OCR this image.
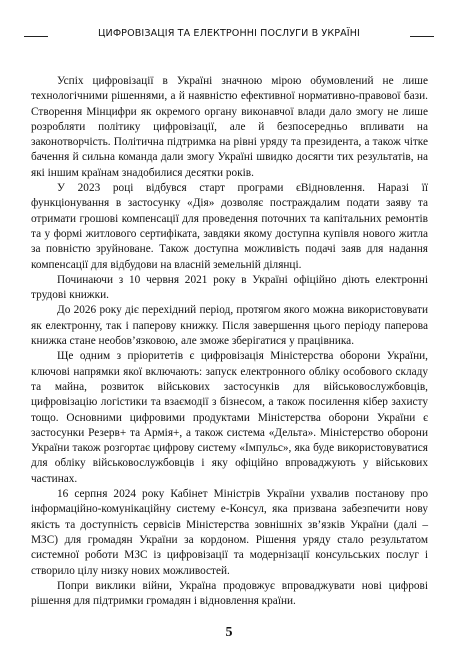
ЦИФРОВІЗАЦІЯ ТА ЕЛЕКТРОННІ ПОСЛУГИ В УКРАЇНІ

Успіх цифровізації в Україні значною мірою обумовлений не лише технологічними рішеннями, а й наявністю ефективної нормативно-правової бази. Створення Мінцифри як окремого органу виконавчої влади дало змогу не лише розробляти політику цифровізації, але й безпосередньо впливати на законотворчість. Політична підтримка на рівні уряду та президента, а також чітке бачення й сильна команда дали змогу Україні швидко досягти тих результатів, на які іншим країнам знадобилися десятки років.

У 2023 році відбувся старт програми єВідновлення. Наразі її функціонування в застосунку «Дія» дозволяє постраждалим подати заяву та отримати грошові компенсації для проведення поточних та капітальних ремонтів та у формі житлового сертифіката, завдяки якому доступна купівля нового житла за повністю зруйноване. Також доступна можливість подачі заяв для надання компенсації для відбудови на власній земельній ділянці.

Починаючи з 10 червня 2021 року в Україні офіційно діють електронні трудові книжки.

До 2026 року діє перехідний період, протягом якого можна використовувати як електронну, так і паперову книжку. Після завершення цього періоду паперова книжка стане необов’язковою, але зможе зберігатися у працівника.

Ще одним з пріоритетів є цифровізація Міністерства оборони України, ключові напрямки якої включають: запуск електронного обліку особового складу та майна, розвиток військових застосунків для військовослужбовців, цифровізацію логістики та взаємодії з бізнесом, а також посилення кібер захисту тощо. Основними цифровими продуктами Міністерства оборони України є застосунки Резерв+ та Армія+, а також система «Дельта». Міністерство оборони України також розгортає цифрову систему «Імпульс», яка буде використовуватися для обліку військовослужбовців і яку офіційно впроваджують у військових частинах.

16 серпня 2024 року Кабінет Міністрів України ухвалив постанову про інформаційно-комунікаційну систему е-Консул, яка призвана забезпечити нову якість та доступність сервісів Міністерства зовнішніх зв’язків України (далі – МЗС) для громадян України за кордоном. Рішення уряду стало результатом системної роботи МЗС із цифровізації та модернізації консульських послуг і створило цілу низку нових можливостей.

Попри виклики війни, Україна продовжує впроваджувати нові цифрові рішення для підтримки громадян і відновлення країни.

5
